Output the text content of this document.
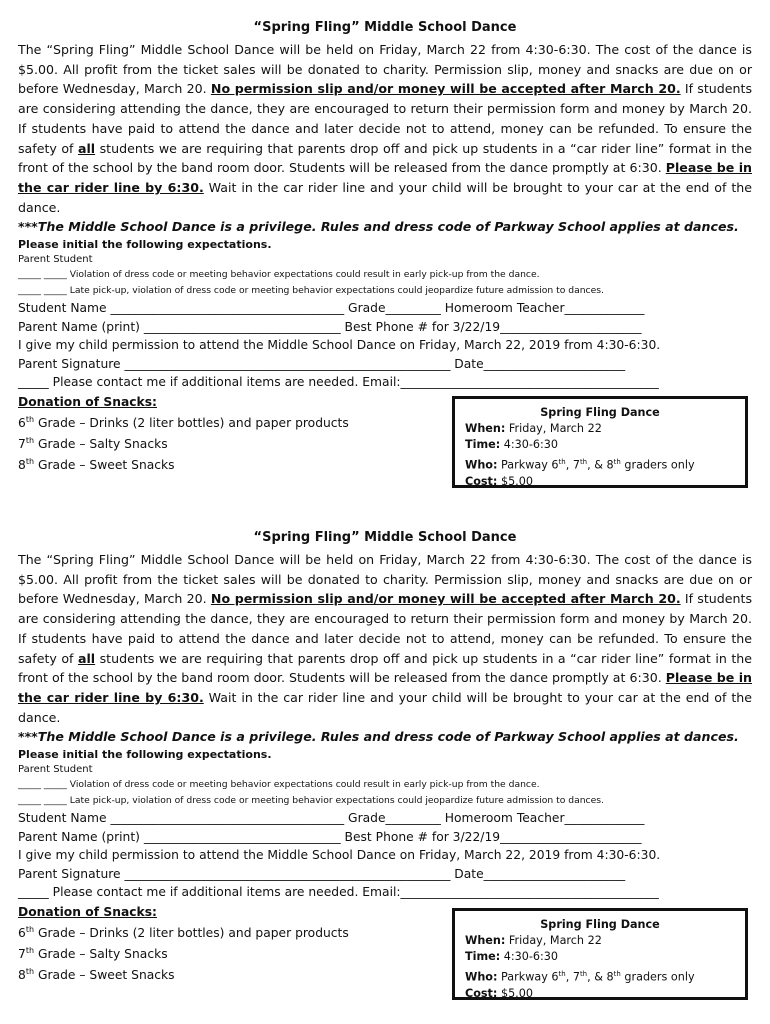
“Spring Fling” Middle School Dance

The “Spring Fling” Middle School Dance will be held on Friday, March 22 from 4:30-6:30. The cost of the dance is $5.00. All profit from the ticket sales will be donated to charity. Permission slip, money and snacks are due on or before Wednesday, March 20. No permission slip and/or money will be accepted after March 20. If students are considering attending the dance, they are encouraged to return their permission form and money by March 20. If students have paid to attend the dance and later decide not to attend, money can be refunded. To ensure the safety of all students we are requiring that parents drop off and pick up students in a “car rider line” format in the front of the school by the band room door. Students will be released from the dance promptly at 6:30. Please be in the car rider line by 6:30. Wait in the car rider line and your child will be brought to your car at the end of the dance.

***The Middle School Dance is a privilege. Rules and dress code of Parkway School applies at dances.
Please initial the following expectations.
Parent Student
_____ _____ Violation of dress code or meeting behavior expectations could result in early pick-up from the dance.
_____ _____ Late pick-up, violation of dress code or meeting behavior expectations could jeopardize future admission to dances.
Student Name ______________________________________ Grade_________ Homeroom Teacher_____________
Parent Name (print) ________________________________ Best Phone # for 3/22/19_______________________
I give my child permission to attend the Middle School Dance on Friday, March 22, 2019 from 4:30-6:30.
Parent Signature _____________________________________________________ Date_______________________
_____ Please contact me if additional items are needed. Email:__________________________________________
Donation of Snacks:
6th Grade – Drinks (2 liter bottles) and paper products
7th Grade – Salty Snacks
8th Grade – Sweet Snacks
Spring Fling Dance
When: Friday, March 22
Time: 4:30-6:30
Who: Parkway 6th, 7th, & 8th graders only
Cost: $5.00
“Spring Fling” Middle School Dance

The “Spring Fling” Middle School Dance will be held on Friday, March 22 from 4:30-6:30. The cost of the dance is $5.00. All profit from the ticket sales will be donated to charity. Permission slip, money and snacks are due on or before Wednesday, March 20. No permission slip and/or money will be accepted after March 20. If students are considering attending the dance, they are encouraged to return their permission form and money by March 20. If students have paid to attend the dance and later decide not to attend, money can be refunded. To ensure the safety of all students we are requiring that parents drop off and pick up students in a “car rider line” format in the front of the school by the band room door. Students will be released from the dance promptly at 6:30. Please be in the car rider line by 6:30. Wait in the car rider line and your child will be brought to your car at the end of the dance.

***The Middle School Dance is a privilege. Rules and dress code of Parkway School applies at dances.
Please initial the following expectations.
Parent Student
_____ _____ Violation of dress code or meeting behavior expectations could result in early pick-up from the dance.
_____ _____ Late pick-up, violation of dress code or meeting behavior expectations could jeopardize future admission to dances.
Student Name ______________________________________ Grade_________ Homeroom Teacher_____________
Parent Name (print) ________________________________ Best Phone # for 3/22/19_______________________
I give my child permission to attend the Middle School Dance on Friday, March 22, 2019 from 4:30-6:30.
Parent Signature _____________________________________________________ Date_______________________
_____ Please contact me if additional items are needed. Email:__________________________________________
Donation of Snacks:
6th Grade – Drinks (2 liter bottles) and paper products
7th Grade – Salty Snacks
8th Grade – Sweet Snacks
Spring Fling Dance
When: Friday, March 22
Time: 4:30-6:30
Who: Parkway 6th, 7th, & 8th graders only
Cost: $5.00
